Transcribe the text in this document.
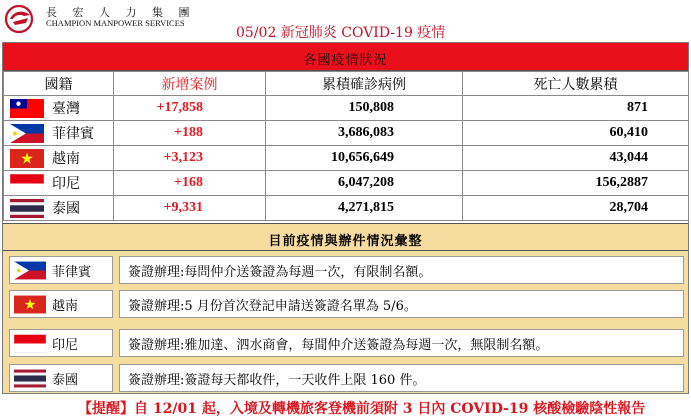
長 宏 人 力 集 團
CHAMPION MANPOWER SERVICES
05/02 新冠肺炎 COVID-19 疫情
各國疫情狀況
國籍	新增案例	累積確診病例	死亡人數累積

臺灣	+17,858	150,808	871

菲律賓	+188	3,686,083	60,410

越南	+3,123	10,656,649	43,044

印尼	+168	6,047,208	156,2887

泰國	+9,331	4,271,815	28,704
目前疫情與辦件情況彙整
菲律賓	簽證辦理:每問仲介送簽證為每週一次，有限制名額。
越南	簽證辦理:5 月份首次登記申請送簽證名單為 5/6。
印尼	簽證辦理:雅加達、泗水商會，每間仲介送簽證為每週一次，無限制名額。
泰國	簽證辦理:簽證每天都收件，一天收件上限 160 件。
【提醒】自 12/01 起，入境及轉機旅客登機前須附 3 日內 COVID-19 核酸檢驗陰性報告
